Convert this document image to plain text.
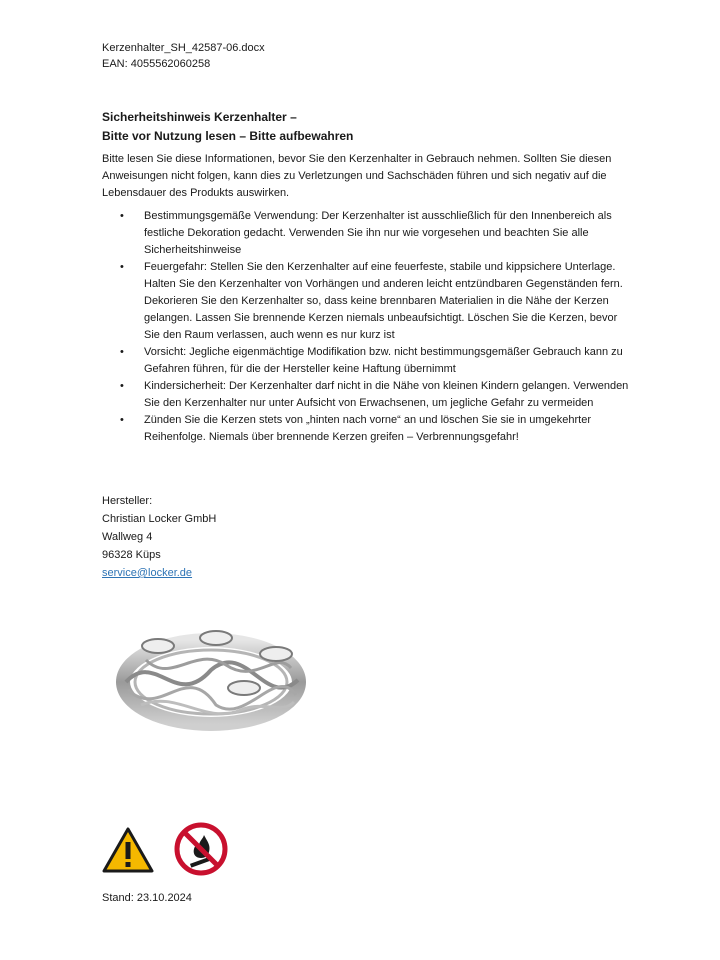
Kerzenhalter_SH_42587-06.docx
EAN: 4055562060258
Sicherheitshinweis Kerzenhalter –
Bitte vor Nutzung lesen – Bitte aufbewahren

Bitte lesen Sie diese Informationen, bevor Sie den Kerzenhalter in Gebrauch nehmen. Sollten Sie diesen Anweisungen nicht folgen, kann dies zu Verletzungen und Sachschäden führen und sich negativ auf die Lebensdauer des Produkts auswirken.

• Bestimmungsgemäße Verwendung: Der Kerzenhalter ist ausschließlich für den Innenbereich als festliche Dekoration gedacht. Verwenden Sie ihn nur wie vorgesehen und beachten Sie alle Sicherheitshinweise
• Feuergefahr: Stellen Sie den Kerzenhalter auf eine feuerfeste, stabile und kippsichere Unterlage. Halten Sie den Kerzenhalter von Vorhängen und anderen leicht entzündbaren Gegenständen fern. Dekorieren Sie den Kerzenhalter so, dass keine brennbaren Materialien in die Nähe der Kerzen gelangen. Lassen Sie brennende Kerzen niemals unbeaufsichtigt. Löschen Sie die Kerzen, bevor Sie den Raum verlassen, auch wenn es nur kurz ist
• Vorsicht: Jegliche eigenmächtige Modifikation bzw. nicht bestimmungsgemäßer Gebrauch kann zu Gefahren führen, für die der Hersteller keine Haftung übernimmt
• Kindersicherheit: Der Kerzenhalter darf nicht in die Nähe von kleinen Kindern gelangen. Verwenden Sie den Kerzenhalter nur unter Aufsicht von Erwachsenen, um jegliche Gefahr zu vermeiden
• Zünden Sie die Kerzen stets von „hinten nach vorne“ an und löschen Sie sie in umgekehrter Reihenfolge. Niemals über brennende Kerzen greifen – Verbrennungsgefahr!
Hersteller:
Christian Locker GmbH
Wallweg 4
96328 Küps
service@locker.de
Stand: 23.10.2024
